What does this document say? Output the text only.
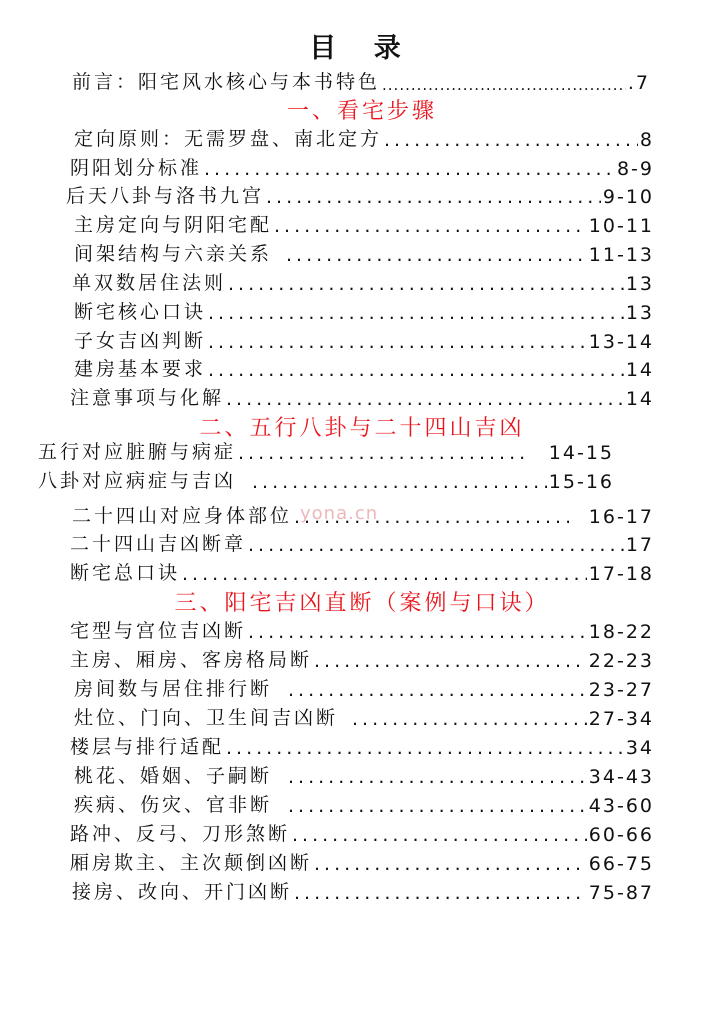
目 录
前言：阳宅风水核心与本书特色 .....	.7
一、看宅步骤
定向原则：无需罗盘、南北定方 .....	8
阴阳划分标准 .....	8-9
后天八卦与洛书九宫 .....	9-10
主房定向与阴阳宅配 .....	10-11
间架结构与六亲关系 .....	11-13
单双数居住法则 .....	13
断宅核心口诀 .....	13
子女吉凶判断 .....	13-14
建房基本要求 .....	14
注意事项与化解 .....	14
二、五行八卦与二十四山吉凶
五行对应脏腑与病症 .....	14-15
八卦对应病症与吉凶 .....	15-16
二十四山对应身体部位 .....	16-17
二十四山吉凶断章 .....	17
断宅总口诀 .....	17-18
三、阳宅吉凶直断（案例与口诀）
宅型与宫位吉凶断 .....	18-22
主房、厢房、客房格局断 .....	22-23
房间数与居住排行断 .....	23-27
灶位、门向、卫生间吉凶断 .....	27-34
楼层与排行适配 .....	34
桃花、婚姻、子嗣断 .....	34-43
疾病、伤灾、官非断 .....	43-60
路冲、反弓、刀形煞断 .....	60-66
厢房欺主、主次颠倒凶断 .....	66-75
接房、改向、开门凶断 .....	75-87
yona.cn
